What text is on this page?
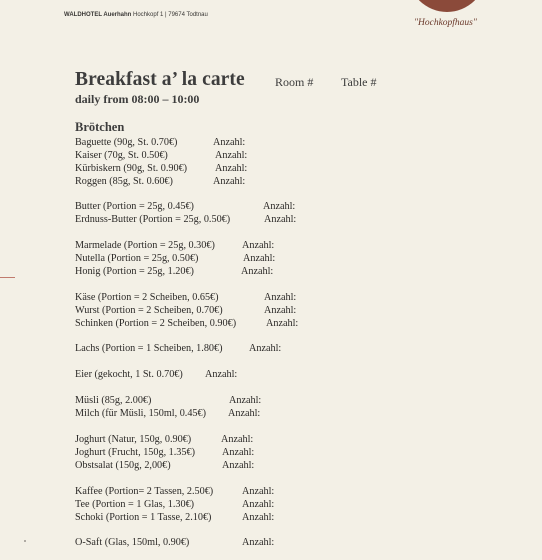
"Hochkopfhaus"
WALDHOTEL Auerhahn Hochkopf 1 | 79674 Todtnau
Breakfast a’ la carte	Room # Table #
daily from 08:00 – 10:00
Brötchen
Baguette (90g, St. 0.70€)	Anzahl:
Kaiser (70g, St. 0.50€)	Anzahl:
Kürbiskern (90g, St. 0.90€)	Anzahl:
Roggen (85g, St. 0.60€)	Anzahl:
Butter (Portion = 25g, 0.45€)	Anzahl:
Erdnuss-Butter (Portion = 25g, 0.50€)	Anzahl:
Marmelade (Portion = 25g, 0.30€)	Anzahl:
Nutella (Portion = 25g, 0.50€)	Anzahl:
Honig (Portion = 25g, 1.20€)	Anzahl:
Käse (Portion = 2 Scheiben, 0.65€)	Anzahl:
Wurst (Portion = 2 Scheiben, 0.70€)	Anzahl:
Schinken (Portion = 2 Scheiben, 0.90€)	Anzahl:
Lachs (Portion = 1 Scheiben, 1.80€)	Anzahl:
Eier (gekocht, 1 St. 0.70€) Anzahl:
Müsli (85g, 2.00€)	Anzahl:
Milch (für Müsli, 150ml, 0.45€) Anzahl:
Joghurt (Natur, 150g, 0.90€)	Anzahl:
Joghurt (Frucht, 150g, 1.35€)	Anzahl:
Obstsalat (150g, 2,00€)	Anzahl:
Kaffee (Portion= 2 Tassen, 2.50€)	Anzahl:
Tee (Portion = 1 Glas, 1.30€)	Anzahl:
Schoki (Portion = 1 Tasse, 2.10€)	Anzahl:
O-Saft (Glas, 150ml, 0.90€)	Anzahl:
